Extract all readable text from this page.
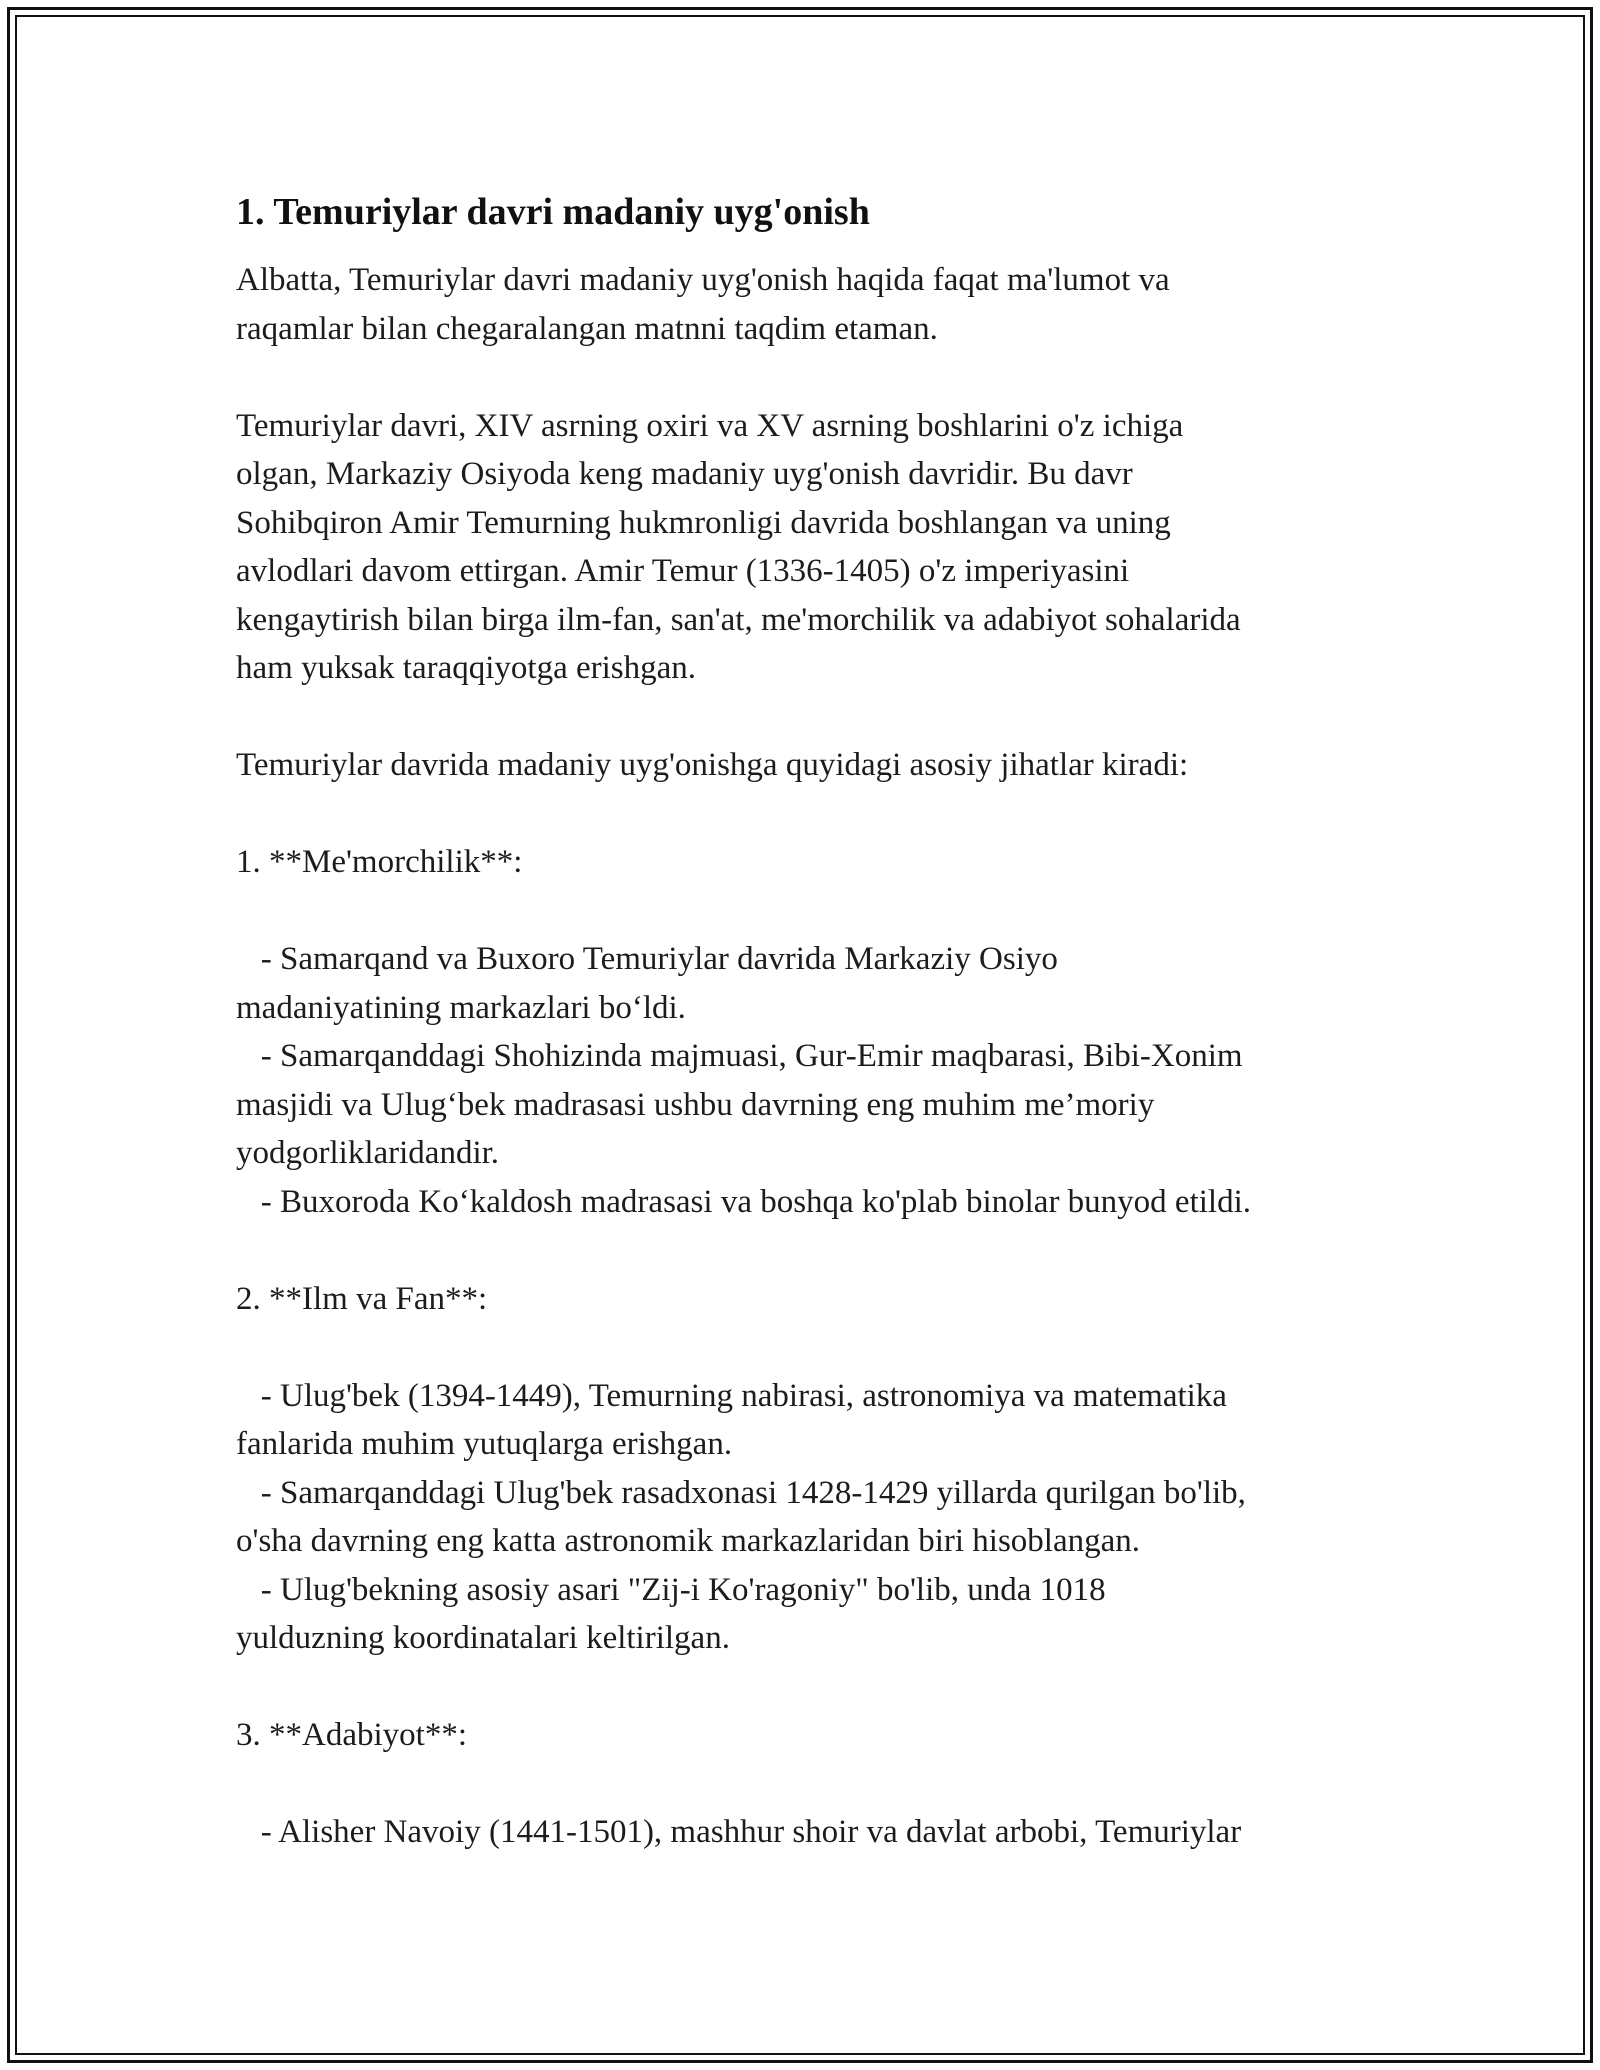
1. Temuriylar davri madaniy uyg'onish

Albatta, Temuriylar davri madaniy uyg'onish haqida faqat ma'lumot va
raqamlar bilan chegaralangan matnni taqdim etaman.

Temuriylar davri, XIV asrning oxiri va XV asrning boshlarini o'z ichiga
olgan, Markaziy Osiyoda keng madaniy uyg'onish davridir. Bu davr
Sohibqiron Amir Temurning hukmronligi davrida boshlangan va uning
avlodlari davom ettirgan. Amir Temur (1336-1405) o'z imperiyasini
kengaytirish bilan birga ilm-fan, san'at, me'morchilik va adabiyot sohalarida
ham yuksak taraqqiyotga erishgan.

Temuriylar davrida madaniy uyg'onishga quyidagi asosiy jihatlar kiradi:

1. **Me'morchilik**:

- Samarqand va Buxoro Temuriylar davrida Markaziy Osiyo
madaniyatining markazlari bo‘ldi.
- Samarqanddagi Shohizinda majmuasi, Gur-Emir maqbarasi, Bibi-Xonim
masjidi va Ulug‘bek madrasasi ushbu davrning eng muhim me’moriy
yodgorliklaridandir.
- Buxoroda Ko‘kaldosh madrasasi va boshqa ko'plab binolar bunyod etildi.

2. **Ilm va Fan**:

- Ulug'bek (1394-1449), Temurning nabirasi, astronomiya va matematika
fanlarida muhim yutuqlarga erishgan.
- Samarqanddagi Ulug'bek rasadxonasi 1428-1429 yillarda qurilgan bo'lib,
o'sha davrning eng katta astronomik markazlaridan biri hisoblangan.
- Ulug'bekning asosiy asari "Zij-i Ko'ragoniy" bo'lib, unda 1018
yulduzning koordinatalari keltirilgan.

3. **Adabiyot**:

- Alisher Navoiy (1441-1501), mashhur shoir va davlat arbobi, Temuriylar
